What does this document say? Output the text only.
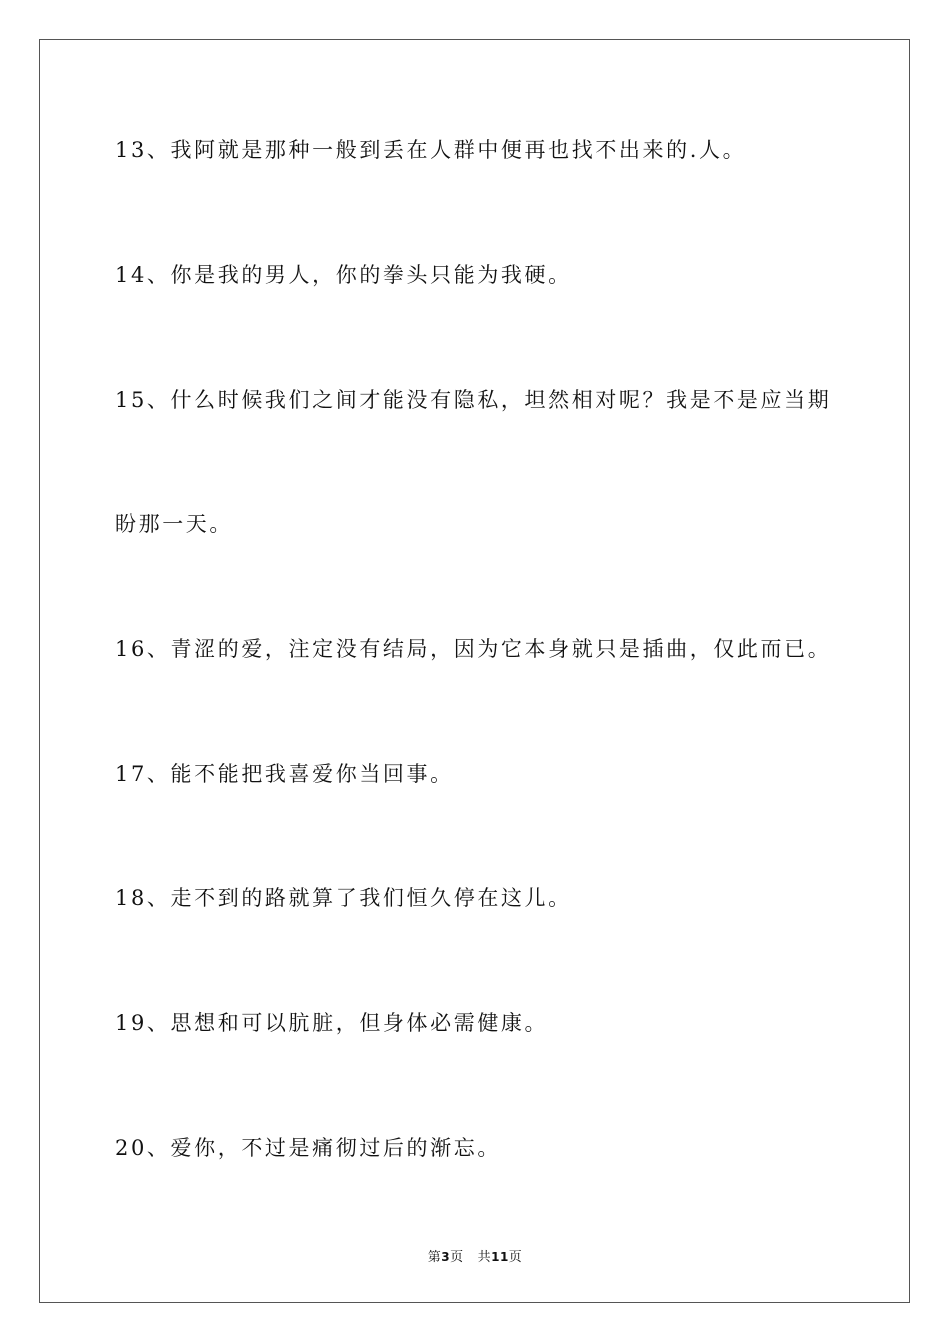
13、我阿就是那种一般到丢在人群中便再也找不出来的.人。
14、你是我的男人，你的拳头只能为我硬。
15、什么时候我们之间才能没有隐私，坦然相对呢？我是不是应当期
盼那一天。
16、青涩的爱，注定没有结局，因为它本身就只是插曲，仅此而已。
17、能不能把我喜爱你当回事。
18、走不到的路就算了我们恒久停在这儿。
19、思想和可以肮脏，但身体必需健康。
20、爱你，不过是痛彻过后的渐忘。
第3页 共11页
